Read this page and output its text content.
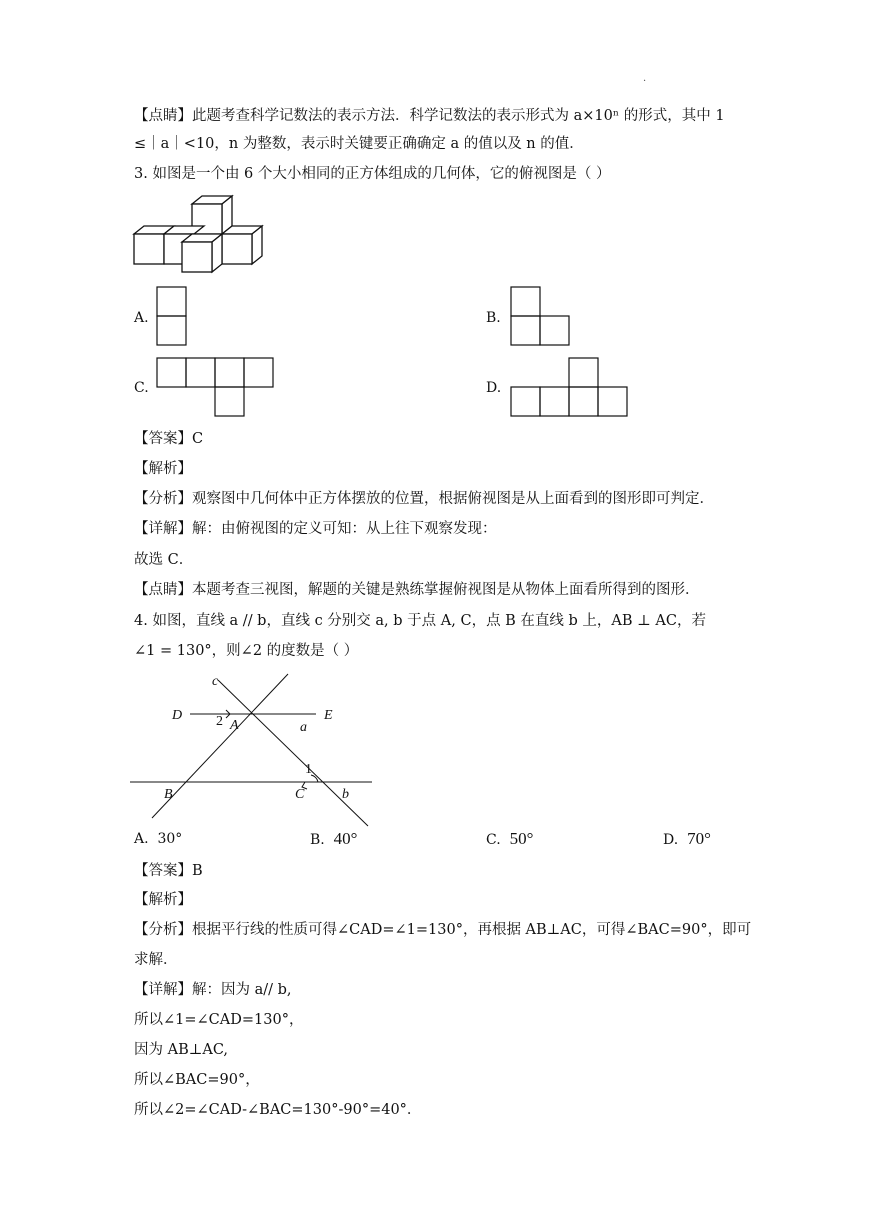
·
【点睛】此题考查科学记数法的表示方法．科学记数法的表示形式为 a×10ⁿ 的形式，其中 1
≤｜a｜<10，n 为整数，表示时关键要正确确定 a 的值以及 n 的值．
3. 如图是一个由 6 个大小相同的正方体组成的几何体，它的俯视图是（ ）
A.	B.
C.	D.
【答案】C
【解析】
【分析】观察图中几何体中正方体摆放的位置，根据俯视图是从上面看到的图形即可判定．
【详解】解：由俯视图的定义可知：从上往下观察发现：
故选 C．
【点睛】本题考查三视图，解题的关键是熟练掌握俯视图是从物体上面看所得到的图形．
4. 如图，直线 a // b，直线 c 分别交 a, b 于点 A, C，点 B 在直线 b 上，AB ⊥ AC，若
∠1 = 130°，则∠2 的度数是（ ）
c
D	E
2 A	a
1
B	C	b
A. 30°	B. 40°	C. 50°	D. 70°
【答案】B
【解析】
【分析】根据平行线的性质可得∠CAD=∠1=130°，再根据 AB⊥AC，可得∠BAC=90°，即可
求解．
【详解】解：因为 a// b,
所以∠1=∠CAD=130°，
因为 AB⊥AC,
所以∠BAC=90°，
所以∠2=∠CAD-∠BAC=130°-90°=40°．
